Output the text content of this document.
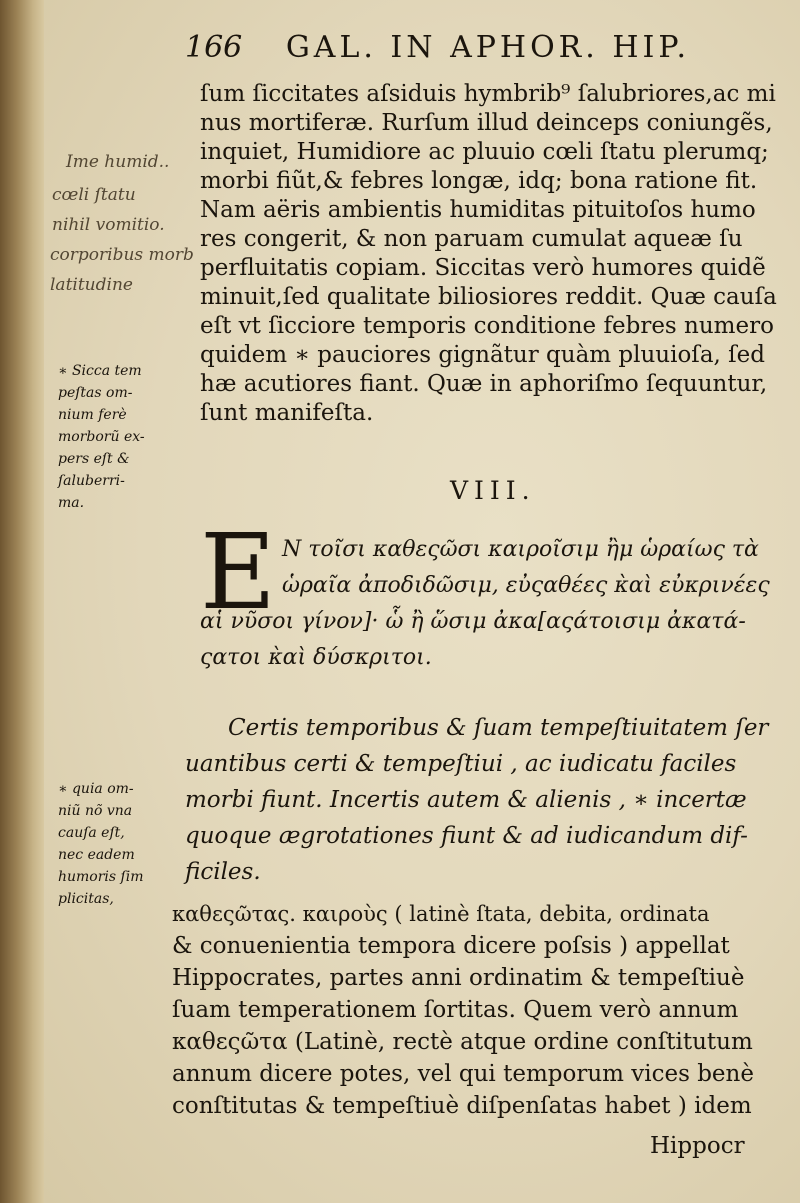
166 GAL. IN APHOR. HIP.
Ime humid..
cœli ſtatu
nihil vomitio.
corporibus morb
latitudine
ſum ſiccitates aſsiduis hymbrib⁹ ſalubriores,ac mi
nus mortiferæ. Rurſum illud deinceps coniungẽs,
inquiet, Humidiore ac pluuio cœli ſtatu plerumq;
morbi fiũt,& febres longæ, idq; bona ratione fit.
Nam aëris ambientis humiditas pituitoſos humo
res congerit, & non paruam cumulat aqueæ ſu
perfluitatis copiam. Siccitas verò humores quidẽ
minuit,ſed qualitate biliosiores reddit. Quæ cauſa
eſt vt ſicciore temporis conditione febres numero
quidem ∗ pauciores gignãtur quàm pluuioſa, ſed
hæ acutiores fiant. Quæ in aphoriſmo ſequuntur,
ſunt manifeſta.
∗ Sicca tem
peſtas om-
nium ferè
morborũ ex-
pers eſt &
ſaluberri-
ma.	VIII.
E Ν τοῖσι καθεςῶσι καιροῖσιμ ἢμ ὡραίως τὰ
ὡραῖα ἀποδιδῶσιμ, εὐςαθέες κ̀αὶ εὐκρινέες
αἱ νῦσοι γίνον]· ὧ ἢ ὥσιμ ἀκα[αςάτοισιμ ἀκατά-
ςατοι κ̀αὶ δύσκριτοι.
Certis temporibus & ſuam tempeſtiuitatem ſer
uantibus certi & tempeſtiui , ac iudicatu faciles
morbi fiunt. Incertis autem & alienis , ∗ incertæ
quoque ægrotationes fiunt & ad iudicandum dif-
ficiles.
∗ quia om-
niũ nõ vna
cauſa eſt,
nec eadem
humoris ſim
plicitas,
καθεςῶτας. καιροὺς ( latinè ſtata, debita, ordinata
& conuenientia tempora dicere poſsis ) appellat
Hippocrates, partes anni ordinatim & tempeſtiuè
ſuam temperationem ſortitas. Quem verò annum
καθεςῶτα (Latinè, rectè atque ordine conſtitutum
annum dicere potes, vel qui temporum vices benè
conſtitutas & tempeſtiuè diſpenſatas habet ) idem
Hippocr
